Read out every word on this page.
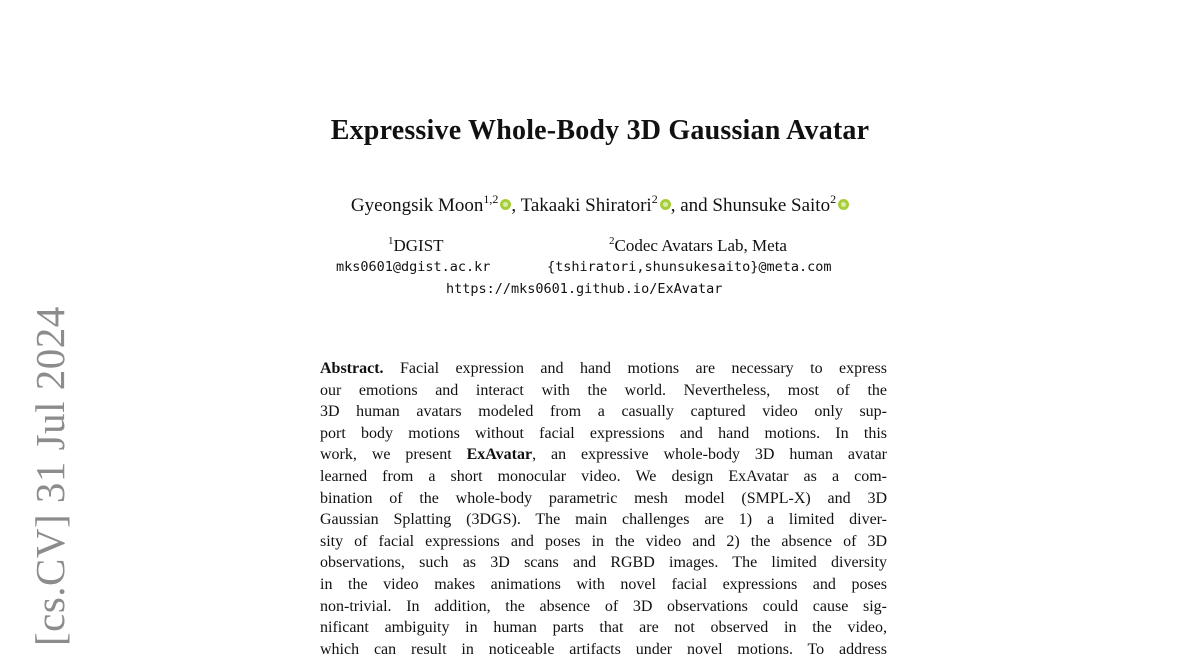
[cs.CV] 31 Jul 2024
Expressive Whole-Body 3D Gaussian Avatar
Gyeongsik Moon$^{1,2}$ , Takaaki Shiratori$^2$ , and Shunsuke Saito$^2$
$^1$DGIST	$^2$Codec Avatars Lab, Meta
mks0601@dgist.ac.kr	{tshiratori,shunsukesaito}@meta.com
https://mks0601.github.io/ExAvatar
Abstract. Facial expression and hand motions are necessary to express
our emotions and interact with the world. Nevertheless, most of the
3D human avatars modeled from a casually captured video only sup-
port body motions without facial expressions and hand motions. In this
work, we present ExAvatar, an expressive whole-body 3D human avatar
learned from a short monocular video. We design ExAvatar as a com-
bination of the whole-body parametric mesh model (SMPL-X) and 3D
Gaussian Splatting (3DGS). The main challenges are 1) a limited diver-
sity of facial expressions and poses in the video and 2) the absence of 3D
observations, such as 3D scans and RGBD images. The limited diversity
in the video makes animations with novel facial expressions and poses
non-trivial. In addition, the absence of 3D observations could cause sig-
nificant ambiguity in human parts that are not observed in the video,
which can result in noticeable artifacts under novel motions. To address
